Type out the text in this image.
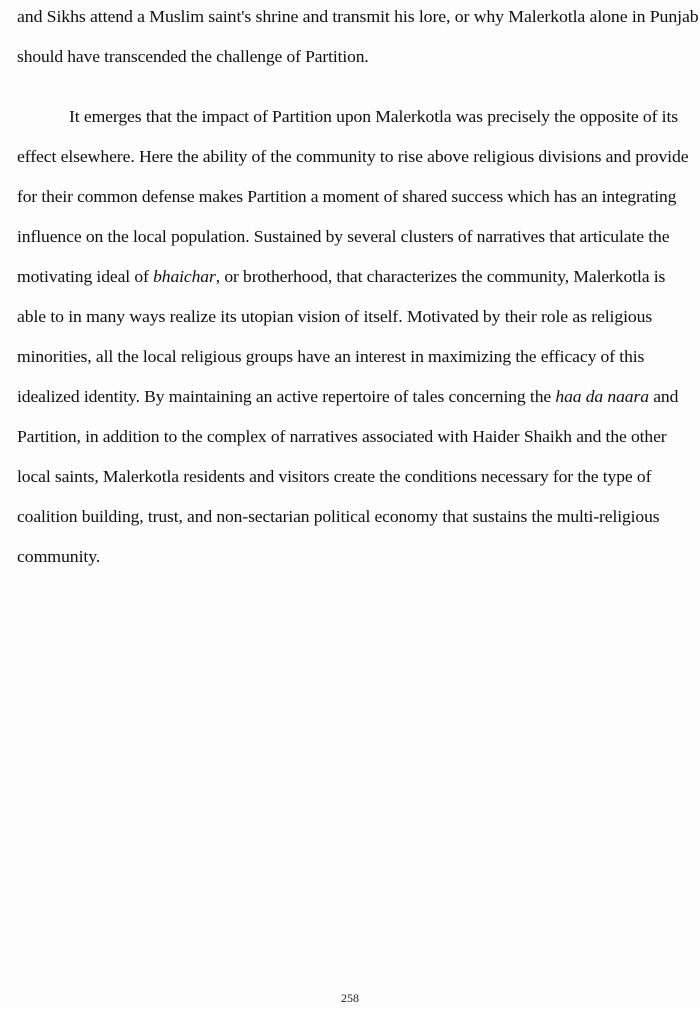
and Sikhs attend a Muslim saint's shrine and transmit his lore, or why Malerkotla alone in Punjab
should have transcended the challenge of Partition.
It emerges that the impact of Partition upon Malerkotla was precisely the opposite of its
effect elsewhere. Here the ability of the community to rise above religious divisions and provide
for their common defense makes Partition a moment of shared success which has an integrating
influence on the local population. Sustained by several clusters of narratives that articulate the
motivating ideal of bhaichar, or brotherhood, that characterizes the community, Malerkotla is
able to in many ways realize its utopian vision of itself. Motivated by their role as religious
minorities, all the local religious groups have an interest in maximizing the efficacy of this
idealized identity. By maintaining an active repertoire of tales concerning the haa da naara and
Partition, in addition to the complex of narratives associated with Haider Shaikh and the other
local saints, Malerkotla residents and visitors create the conditions necessary for the type of
coalition building, trust, and non-sectarian political economy that sustains the multi-religious
community.
258
